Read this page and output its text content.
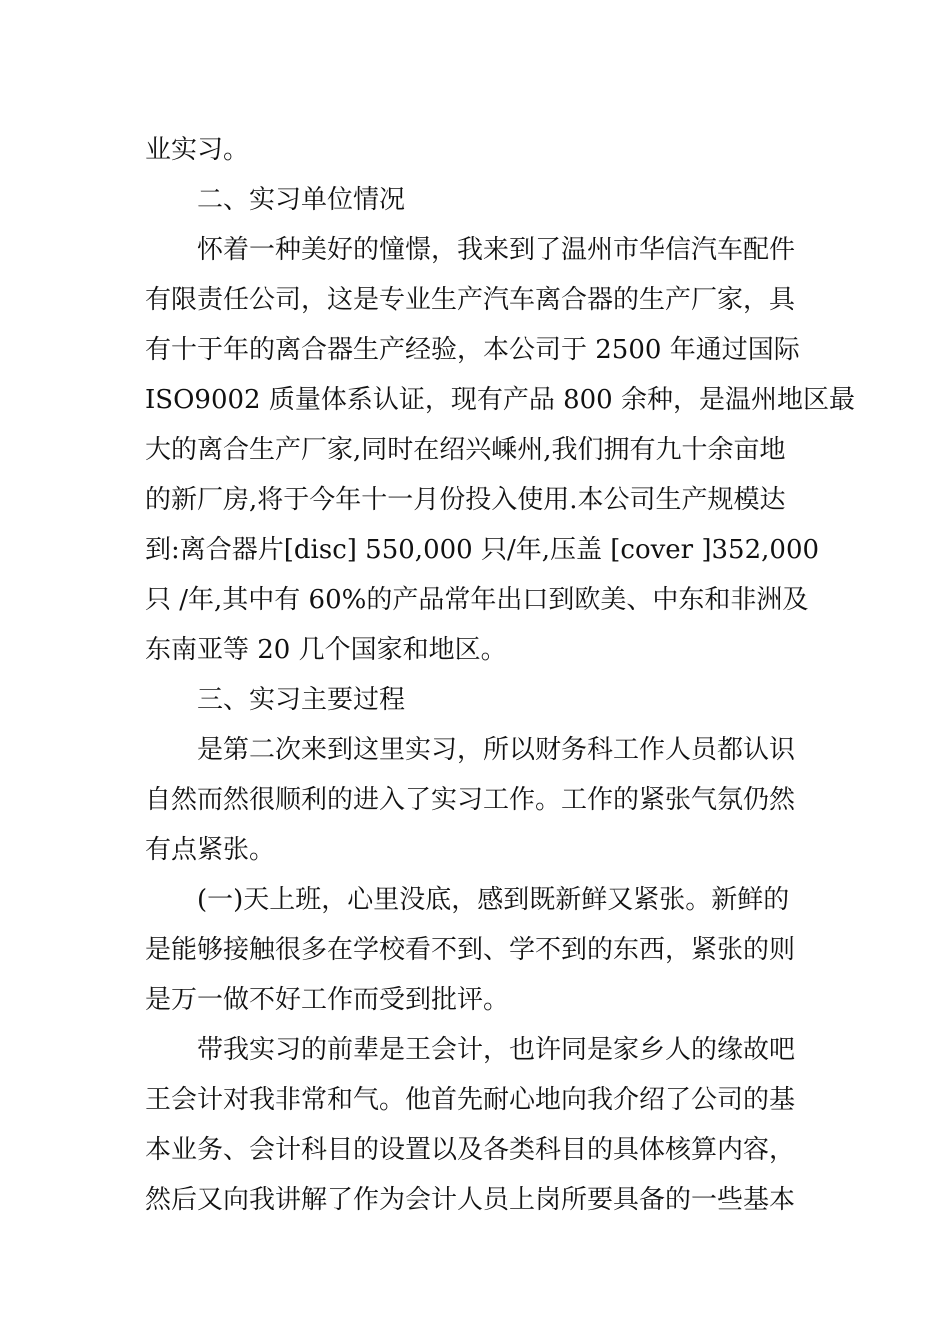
业实习。
二、实习单位情况
怀着一种美好的憧憬，我来到了温州市华信汽车配件
有限责任公司，这是专业生产汽车离合器的生产厂家，具
有十于年的离合器生产经验，本公司于 2500 年通过国际
ISO9002 质量体系认证，现有产品 800 余种，是温州地区最
大的离合生产厂家,同时在绍兴嵊州,我们拥有九十余亩地
的新厂房,将于今年十一月份投入使用.本公司生产规模达
到:离合器片[disc] 550,000 只/年,压盖 [cover ]352,000
只 /年,其中有 60%的产品常年出口到欧美、中东和非洲及
东南亚等 20 几个国家和地区。
三、实习主要过程
是第二次来到这里实习，所以财务科工作人员都认识
自然而然很顺利的进入了实习工作。工作的紧张气氛仍然
有点紧张。
(一)天上班，心里没底，感到既新鲜又紧张。新鲜的
是能够接触很多在学校看不到、学不到的东西，紧张的则
是万一做不好工作而受到批评。
带我实习的前辈是王会计，也许同是家乡人的缘故吧
王会计对我非常和气。他首先耐心地向我介绍了公司的基
本业务、会计科目的设置以及各类科目的具体核算内容，
然后又向我讲解了作为会计人员上岗所要具备的一些基本
